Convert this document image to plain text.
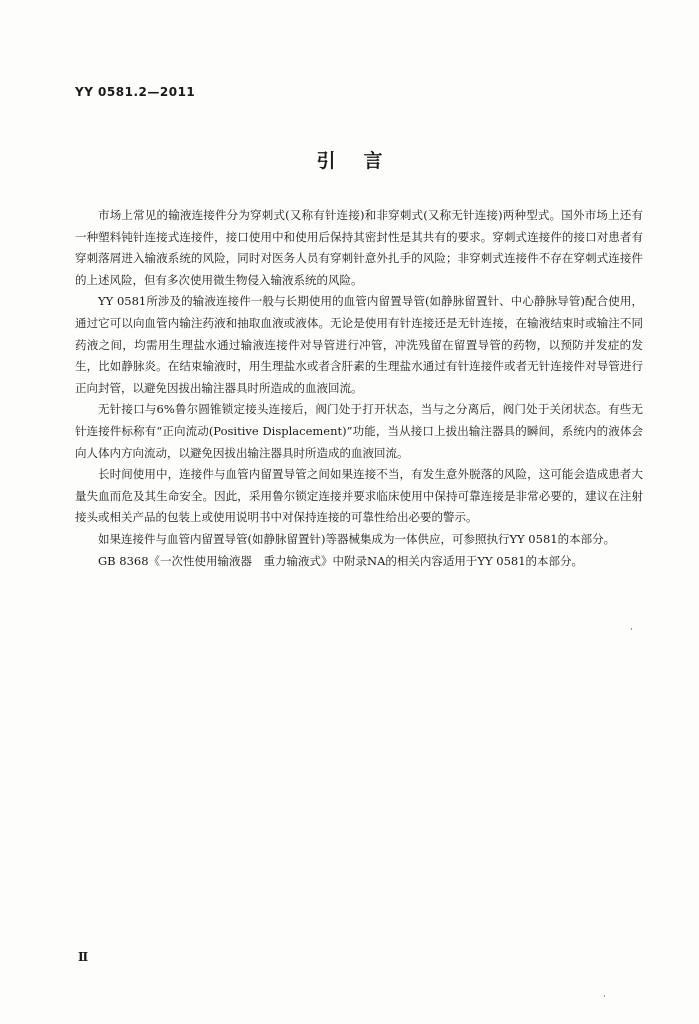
YY 0581.2—2011
引言

市场上常见的输液连接件分为穿刺式(又称有针连接)和非穿刺式(又称无针连接)两种型式。国外市场上还有一种塑料钝针连接式连接件，接口使用中和使用后保持其密封性是其共有的要求。穿刺式连接件的接口对患者有穿刺落屑进入输液系统的风险，同时对医务人员有穿刺针意外扎手的风险；非穿刺式连接件不存在穿刺式连接件的上述风险，但有多次使用微生物侵入输液系统的风险。

YY 0581所涉及的输液连接件一般与长期使用的血管内留置导管(如静脉留置针、中心静脉导管)配合使用，通过它可以向血管内输注药液和抽取血液或液体。无论是使用有针连接还是无针连接，在输液结束时或输注不同药液之间，均需用生理盐水通过输液连接件对导管进行冲管，冲洗残留在留置导管的药物，以预防并发症的发生，比如静脉炎。在结束输液时，用生理盐水或者含肝素的生理盐水通过有针连接件或者无针连接件对导管进行正向封管，以避免因拔出输注器具时所造成的血液回流。

无针接口与6%鲁尔圆锥锁定接头连接后，阀门处于打开状态，当与之分离后，阀门处于关闭状态。有些无针连接件标称有“正向流动(Positive Displacement)”功能，当从接口上拔出输注器具的瞬间，系统内的液体会向人体内方向流动，以避免因拔出输注器具时所造成的血液回流。

长时间使用中，连接件与血管内留置导管之间如果连接不当，有发生意外脱落的风险，这可能会造成患者大量失血而危及其生命安全。因此，采用鲁尔锁定连接并要求临床使用中保持可靠连接是非常必要的，建议在注射接头或相关产品的包装上或使用说明书中对保持连接的可靠性给出必要的警示。

如果连接件与血管内留置导管(如静脉留置针)等器械集成为一体供应，可参照执行YY 0581的本部分。

GB 8368《一次性使用输液器　重力输液式》中附录NA的相关内容适用于YY 0581的本部分。

Ⅱ
